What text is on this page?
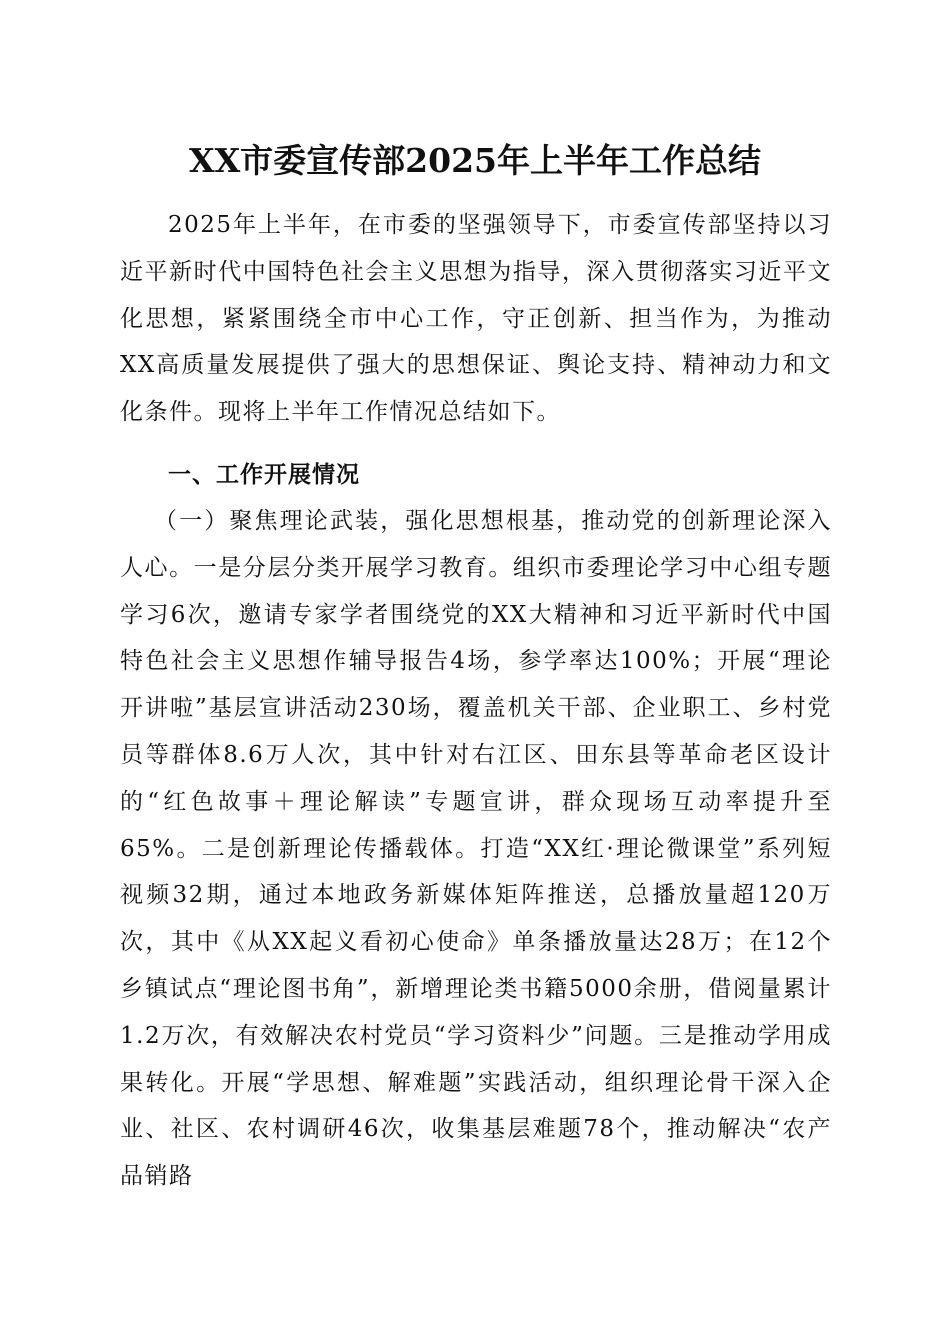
XX市委宣传部2025年上半年工作总结

2025年上半年，在市委的坚强领导下，市委宣传部坚持以习近平新时代中国特色社会主义思想为指导，深入贯彻落实习近平文化思想，紧紧围绕全市中心工作，守正创新、担当作为，为推动XX高质量发展提供了强大的思想保证、舆论支持、精神动力和文化条件。现将上半年工作情况总结如下。

一、工作开展情况

（一）聚焦理论武装，强化思想根基，推动党的创新理论深入人心。一是分层分类开展学习教育。组织市委理论学习中心组专题学习6次，邀请专家学者围绕党的XX大精神和习近平新时代中国特色社会主义思想作辅导报告4场，参学率达100%；开展“理论开讲啦”基层宣讲活动230场，覆盖机关干部、企业职工、乡村党员等群体8.6万人次，其中针对右江区、田东县等革命老区设计的“红色故事＋理论解读”专题宣讲，群众现场互动率提升至65%。二是创新理论传播载体。打造“XX红·理论微课堂”系列短视频32期，通过本地政务新媒体矩阵推送，总播放量超120万次，其中《从XX起义看初心使命》单条播放量达28万；在12个乡镇试点“理论图书角”，新增理论类书籍5000余册，借阅量累计1.2万次，有效解决农村党员“学习资料少”问题。三是推动学用成果转化。开展“学思想、解难题”实践活动，组织理论骨干深入企业、社区、农村调研46次，收集基层难题78个，推动解决“农产品销路
